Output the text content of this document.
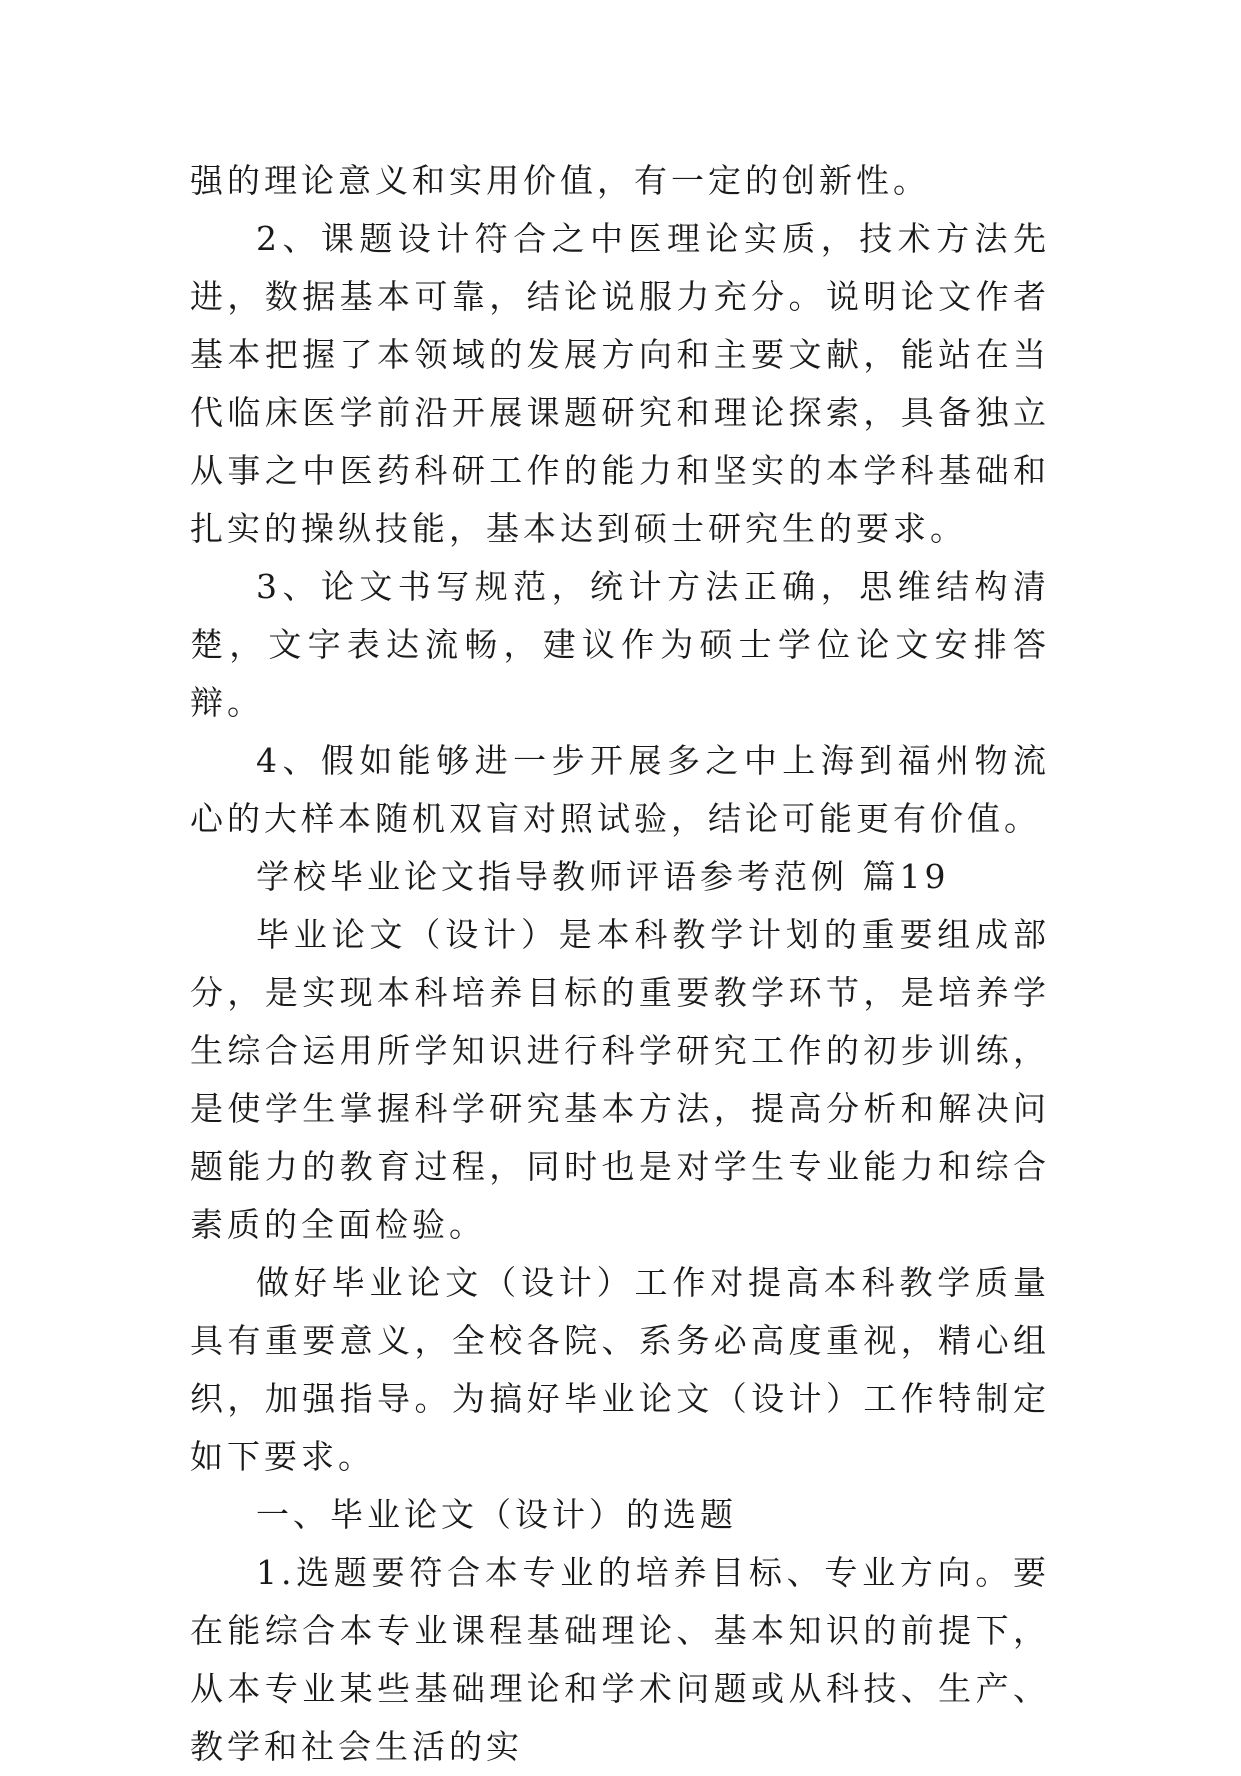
强的理论意义和实用价值，有一定的创新性。

2、课题设计符合之中医理论实质，技术方法先进，数据基本可靠，结论说服力充分。说明论文作者基本把握了本领域的发展方向和主要文献，能站在当代临床医学前沿开展课题研究和理论探索，具备独立从事之中医药科研工作的能力和坚实的本学科基础和扎实的操纵技能，基本达到硕士研究生的要求。

3、论文书写规范，统计方法正确，思维结构清楚，文字表达流畅，建议作为硕士学位论文安排答辩。

4、假如能够进一步开展多之中上海到福州物流心的大样本随机双盲对照试验，结论可能更有价值。

学校毕业论文指导教师评语参考范例 篇19

毕业论文（设计）是本科教学计划的重要组成部分，是实现本科培养目标的重要教学环节，是培养学生综合运用所学知识进行科学研究工作的初步训练，是使学生掌握科学研究基本方法，提高分析和解决问题能力的教育过程，同时也是对学生专业能力和综合素质的全面检验。

做好毕业论文（设计）工作对提高本科教学质量具有重要意义，全校各院、系务必高度重视，精心组织，加强指导。为搞好毕业论文（设计）工作特制定如下要求。

一、毕业论文（设计）的选题

1.选题要符合本专业的培养目标、专业方向。要在能综合本专业课程基础理论、基本知识的前提下，从本专业某些基础理论和学术问题或从科技、生产、教学和社会生活的实
